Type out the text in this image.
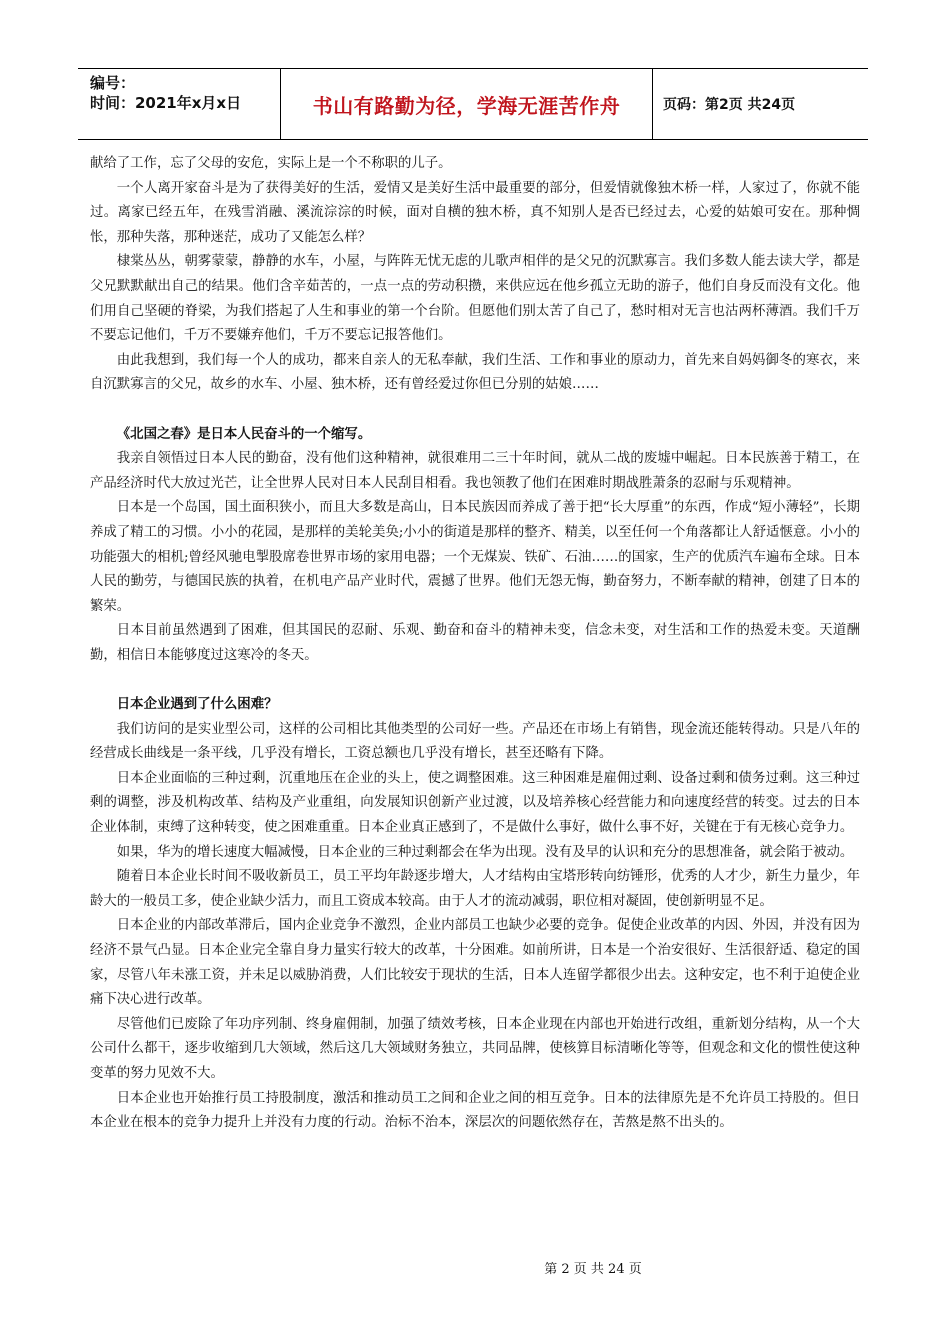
编号：
时间：2021年x月x日	书山有路勤为径，学海无涯苦作舟	页码：第2页 共24页

献给了工作，忘了父母的安危，实际上是一个不称职的儿子。

一个人离开家奋斗是为了获得美好的生活，爱情又是美好生活中最重要的部分，但爱情就像独木桥一样，人家过了，你就不能过。离家已经五年，在残雪消融、溪流淙淙的时候，面对自横的独木桥，真不知别人是否已经过去，心爱的姑娘可安在。那种惆怅，那种失落，那种迷茫，成功了又能怎么样？

棣棠丛丛，朝雾蒙蒙，静静的水车，小屋，与阵阵无忧无虑的儿歌声相伴的是父兄的沉默寡言。我们多数人能去读大学，都是父兄默默献出自己的结果。他们含辛茹苦的，一点一点的劳动积攒，来供应远在他乡孤立无助的游子，他们自身反而没有文化。他们用自己坚硬的脊梁，为我们搭起了人生和事业的第一个台阶。但愿他们别太苦了自己了，愁时相对无言也沽两杯薄酒。我们千万不要忘记他们，千万不要嫌弃他们，千万不要忘记报答他们。

由此我想到，我们每一个人的成功，都来自亲人的无私奉献，我们生活、工作和事业的原动力，首先来自妈妈御冬的寒衣，来自沉默寡言的父兄，故乡的水车、小屋、独木桥，还有曾经爱过你但已分别的姑娘……

《北国之春》是日本人民奋斗的一个缩写。

我亲自领悟过日本人民的勤奋，没有他们这种精神，就很难用二三十年时间，就从二战的废墟中崛起。日本民族善于精工，在产品经济时代大放过光芒，让全世界人民对日本人民刮目相看。我也领教了他们在困难时期战胜萧条的忍耐与乐观精神。

日本是一个岛国，国土面积狭小，而且大多数是高山，日本民族因而养成了善于把“长大厚重”的东西，作成“短小薄轻”，长期养成了精工的习惯。小小的花园，是那样的美轮美奂;小小的街道是那样的整齐、精美，以至任何一个角落都让人舒适惬意。小小的功能强大的相机;曾经风驰电掣股席卷世界市场的家用电器；一个无煤炭、铁矿、石油……的国家，生产的优质汽车遍布全球。日本人民的勤劳，与德国民族的执着，在机电产品产业时代，震撼了世界。他们无怨无悔，勤奋努力，不断奉献的精神，创建了日本的繁荣。

日本目前虽然遇到了困难，但其国民的忍耐、乐观、勤奋和奋斗的精神未变，信念未变，对生活和工作的热爱未变。天道酬勤，相信日本能够度过这寒冷的冬天。

日本企业遇到了什么困难？

我们访问的是实业型公司，这样的公司相比其他类型的公司好一些。产品还在市场上有销售，现金流还能转得动。只是八年的经营成长曲线是一条平线，几乎没有增长，工资总额也几乎没有增长，甚至还略有下降。

日本企业面临的三种过剩，沉重地压在企业的头上，使之调整困难。这三种困难是雇佣过剩、设备过剩和债务过剩。这三种过剩的调整，涉及机构改革、结构及产业重组，向发展知识创新产业过渡，以及培养核心经营能力和向速度经营的转变。过去的日本企业体制，束缚了这种转变，使之困难重重。日本企业真正感到了，不是做什么事好，做什么事不好，关键在于有无核心竞争力。

如果，华为的增长速度大幅减慢，日本企业的三种过剩都会在华为出现。没有及早的认识和充分的思想准备，就会陷于被动。

随着日本企业长时间不吸收新员工，员工平均年龄逐步增大，人才结构由宝塔形转向纺锤形，优秀的人才少，新生力量少，年龄大的一般员工多，使企业缺少活力，而且工资成本较高。由于人才的流动减弱，职位相对凝固，使创新明显不足。

日本企业的内部改革滞后，国内企业竞争不激烈，企业内部员工也缺少必要的竞争。促使企业改革的内因、外因，并没有因为经济不景气凸显。日本企业完全靠自身力量实行较大的改革，十分困难。如前所讲，日本是一个治安很好、生活很舒适、稳定的国家，尽管八年未涨工资，并未足以威胁消费，人们比较安于现状的生活，日本人连留学都很少出去。这种安定，也不利于迫使企业痛下决心进行改革。

尽管他们已废除了年功序列制、终身雇佣制，加强了绩效考核，日本企业现在内部也开始进行改组，重新划分结构，从一个大公司什么都干，逐步收缩到几大领域，然后这几大领域财务独立，共同品牌，使核算目标清晰化等等，但观念和文化的惯性使这种变革的努力见效不大。

日本企业也开始推行员工持股制度，激活和推动员工之间和企业之间的相互竞争。日本的法律原先是不允许员工持股的。但日本企业在根本的竞争力提升上并没有力度的行动。治标不治本，深层次的问题依然存在，苦熬是熬不出头的。

第 2 页 共 24 页
